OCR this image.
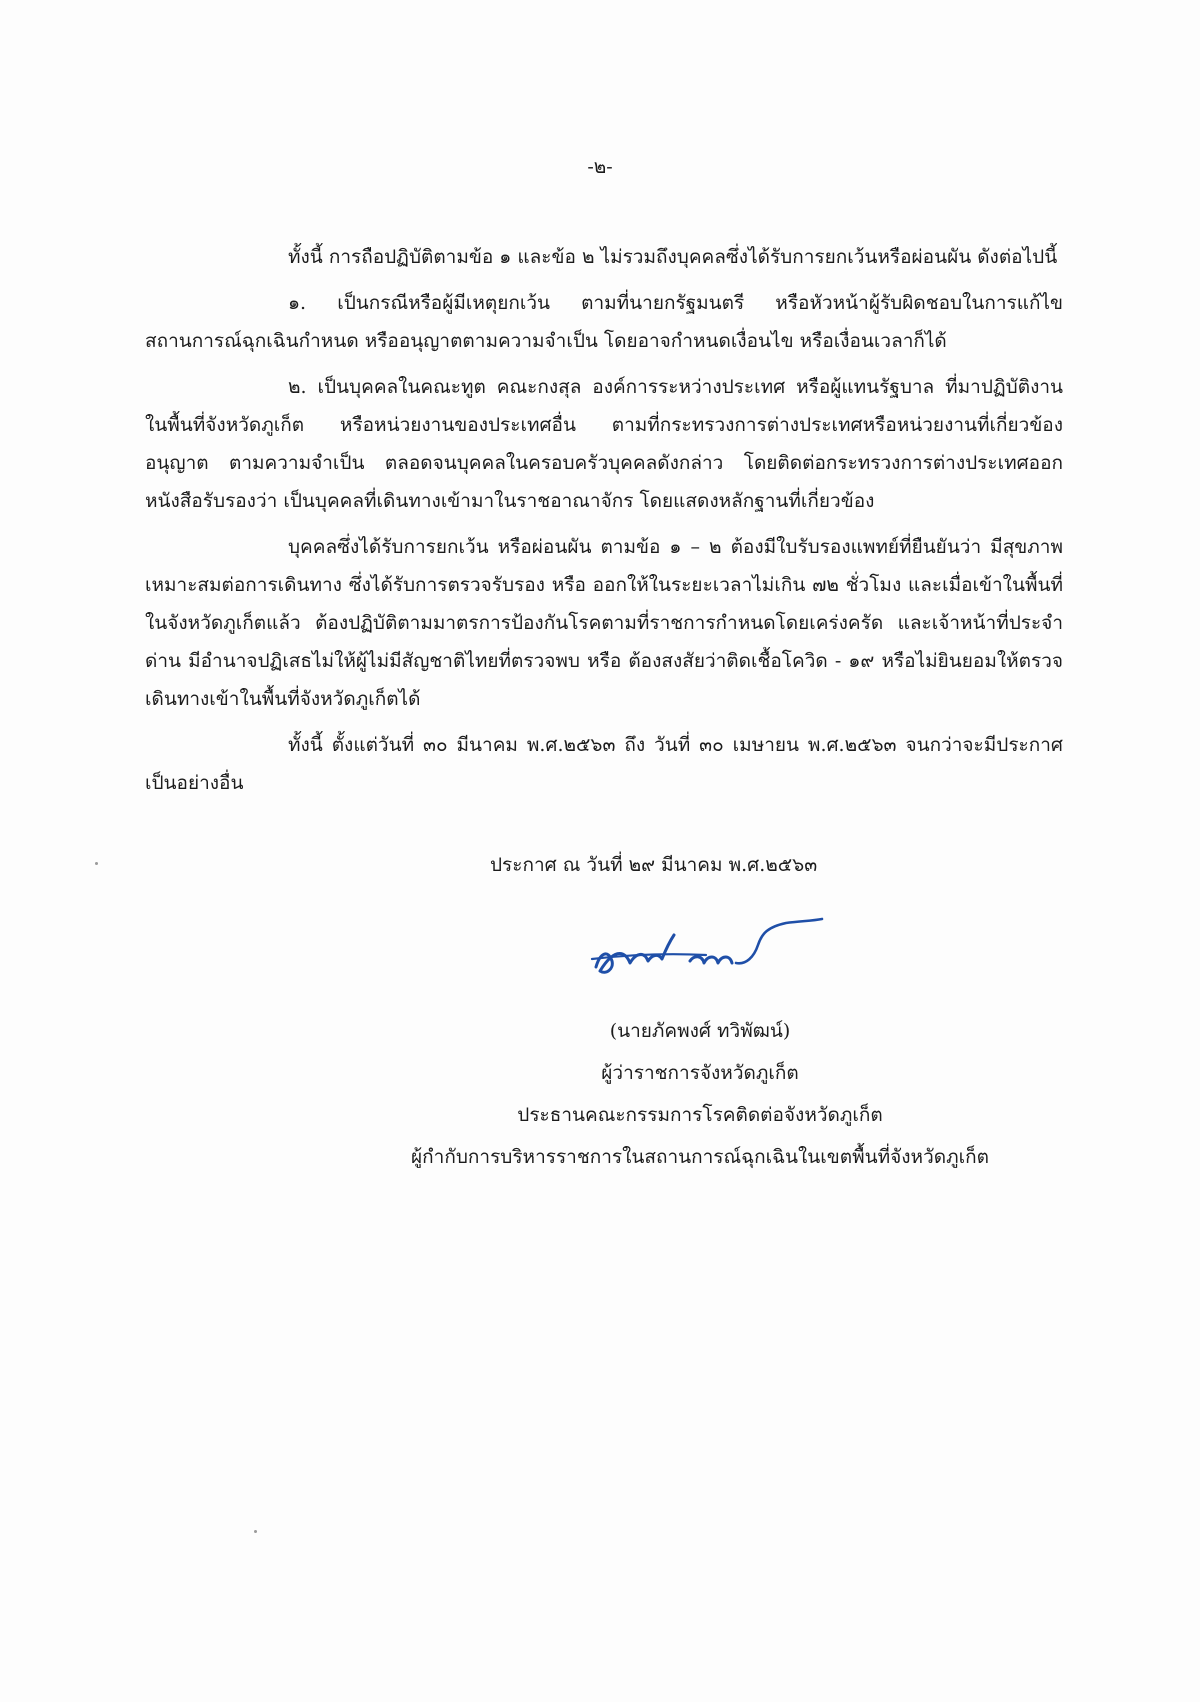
-๒-

ทั้งนี้ การถือปฏิบัติตามข้อ ๑ และข้อ ๒ ไม่รวมถึงบุคคลซึ่งได้รับการยกเว้นหรือผ่อนผัน ดังต่อไปนี้

๑. เป็นกรณีหรือผู้มีเหตุยกเว้น ตามที่นายกรัฐมนตรี หรือหัวหน้าผู้รับผิดชอบในการแก้ไข สถานการณ์ฉุกเฉินกำหนด หรืออนุญาตตามความจำเป็น โดยอาจกำหนดเงื่อนไข หรือเงื่อนเวลาก็ได้

๒. เป็นบุคคลในคณะทูต คณะกงสุล องค์การระหว่างประเทศ หรือผู้แทนรัฐบาล ที่มาปฏิบัติงาน ในพื้นที่จังหวัดภูเก็ต หรือหน่วยงานของประเทศอื่น ตามที่กระทรวงการต่างประเทศหรือหน่วยงานที่เกี่ยวข้องอนุญาต ตามความจำเป็น ตลอดจนบุคคลในครอบครัวบุคคลดังกล่าว โดยติดต่อกระทรวงการต่างประเทศออกหนังสือรับรองว่า เป็นบุคคลที่เดินทางเข้ามาในราชอาณาจักร โดยแสดงหลักฐานที่เกี่ยวข้อง

บุคคลซึ่งได้รับการยกเว้น หรือผ่อนผัน ตามข้อ ๑ – ๒ ต้องมีใบรับรองแพทย์ที่ยืนยันว่า มีสุขภาพ เหมาะสมต่อการเดินทาง ซึ่งได้รับการตรวจรับรอง หรือ ออกให้ในระยะเวลาไม่เกิน ๗๒ ชั่วโมง และเมื่อเข้าในพื้นที่ ในจังหวัดภูเก็ตแล้ว ต้องปฏิบัติตามมาตรการป้องกันโรคตามที่ราชการกำหนดโดยเคร่งครัด และเจ้าหน้าที่ประจำด่าน มีอำนาจปฏิเสธไม่ให้ผู้ไม่มีสัญชาติไทยที่ตรวจพบ หรือ ต้องสงสัยว่าติดเชื้อโควิด - ๑๙ หรือไม่ยินยอมให้ตรวจ เดินทางเข้าในพื้นที่จังหวัดภูเก็ตได้

ทั้งนี้ ตั้งแต่วันที่ ๓๐ มีนาคม พ.ศ.๒๕๖๓ ถึง วันที่ ๓๐ เมษายน พ.ศ.๒๕๖๓ จนกว่าจะมีประกาศ เป็นอย่างอื่น

ประกาศ ณ วันที่ ๒๙ มีนาคม พ.ศ.๒๕๖๓
(นายภัคพงศ์ ทวิพัฒน์)
ผู้ว่าราชการจังหวัดภูเก็ต
ประธานคณะกรรมการโรคติดต่อจังหวัดภูเก็ต
ผู้กำกับการบริหารราชการในสถานการณ์ฉุกเฉินในเขตพื้นที่จังหวัดภูเก็ต
